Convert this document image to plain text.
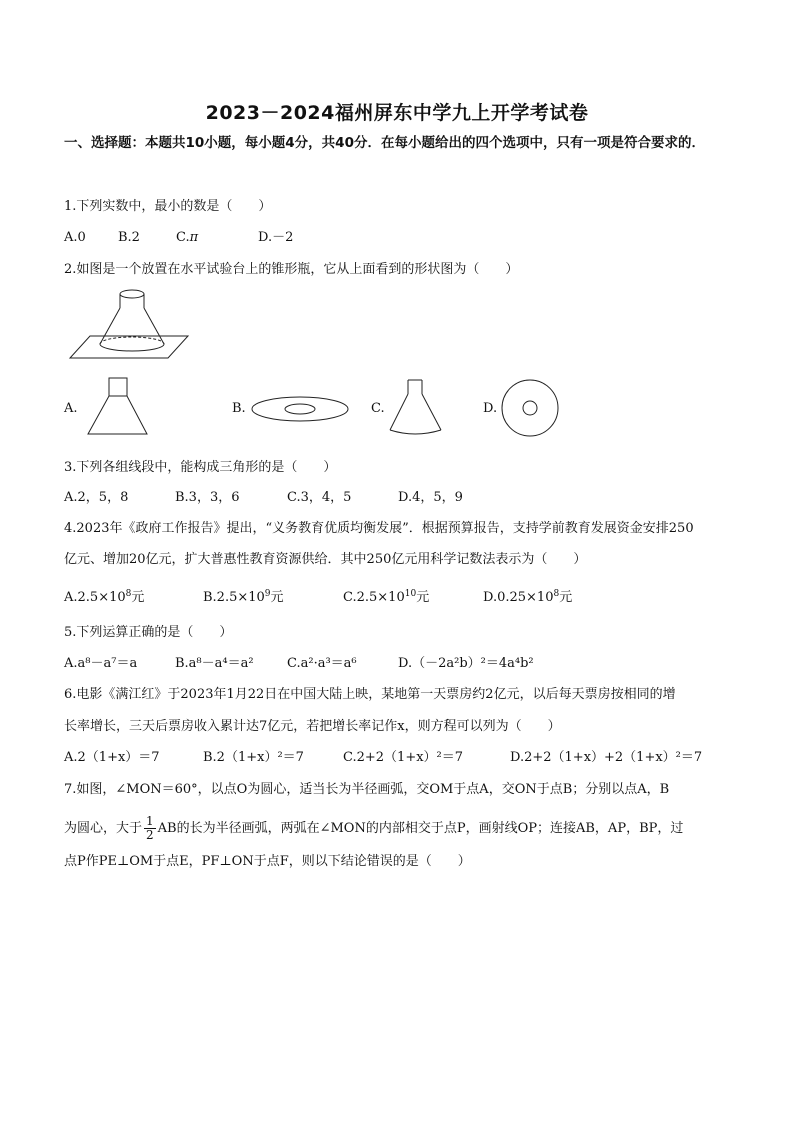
2023－2024福州屏东中学九上开学考试卷
一、选择题：本题共10小题，每小题4分，共40分．在每小题给出的四个选项中，只有一项是符合要求的．
1.下列实数中，最小的数是（　　）
A.0 B.2	C.π	D.－2
2.如图是一个放置在水平试验台上的锥形瓶，它从上面看到的形状图为（　　）
A.	B.	C.	D.
3.下列各组线段中，能构成三角形的是（　　）
A.2，5，8	B.3，3，6	C.3，4，5	D.4，5，9
4.2023年《政府工作报告》提出，“义务教育优质均衡发展”．根据预算报告，支持学前教育发展资金安排250
亿元、增加20亿元，扩大普惠性教育资源供给．其中250亿元用科学记数法表示为（　　）
$A.2.5\times 10^8$元	$B.2.5\times 10^9$元	$C.2.5\times 10^{10}$元	$D.0.25\times 10^8$元
5.下列运算正确的是（　　）
A.a⁸－a⁷＝a	B.a⁸－a⁴＝a²	C.a²·a³＝a⁶	D.（－2a²b）²＝4a⁴b²
6.电影《满江红》于2023年1月22日在中国大陆上映，某地第一天票房约2亿元，以后每天票房按相同的增
长率增长，三天后票房收入累计达7亿元，若把增长率记作x，则方程可以列为（　　）
A.2（1+x）＝7	B.2（1+x）²＝7	C.2+2（1+x）²＝7	D.2+2（1+x）+2（1+x）²＝7
7.如图，∠MON＝60°，以点O为圆心，适当长为半径画弧，交OM于点A，交ON于点B；分别以点A，B
为圆心，大于 $\frac{1}{2}$ AB的长为半径画弧，两弧在∠MON的内部相交于点P，画射线OP；连接AB，AP，BP，过
点P作PE⊥OM于点E，PF⊥ON于点F，则以下结论错误的是（　　）
